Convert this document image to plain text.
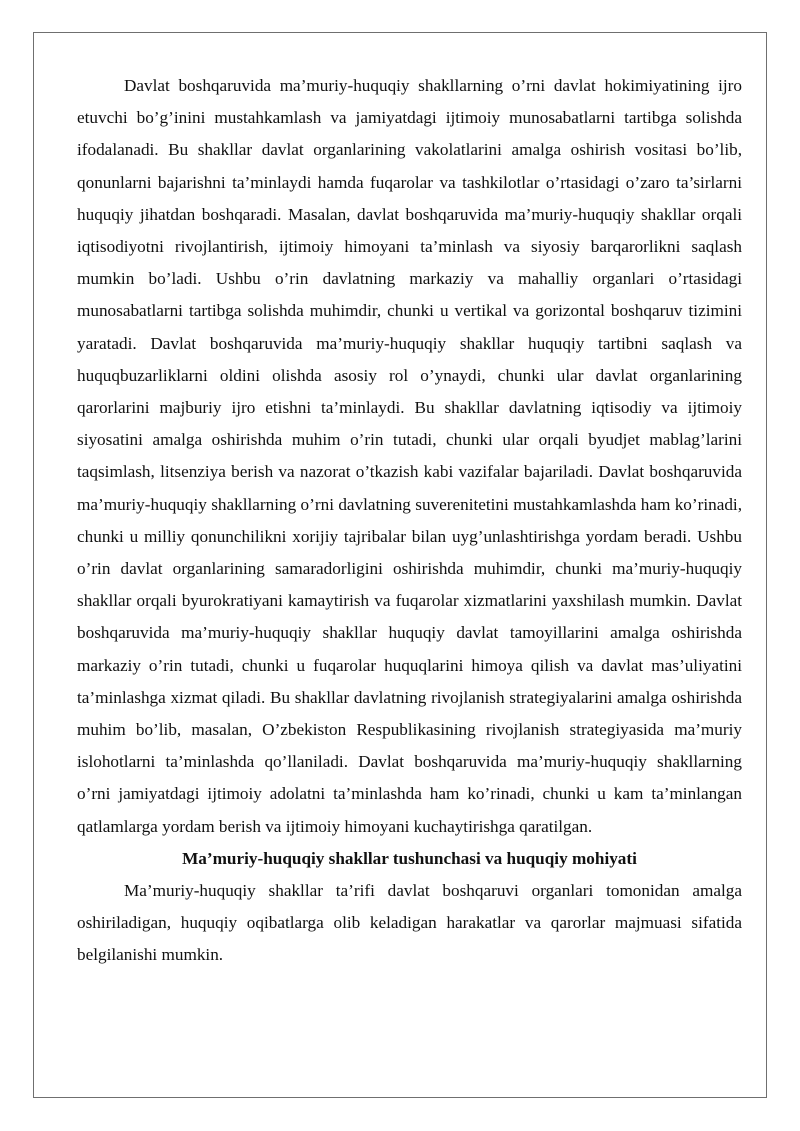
Davlat boshqaruvida ma’muriy-huquqiy shakllarning o’rni davlat hokimiyatining ijro etuvchi bo’g’inini mustahkamlash va jamiyatdagi ijtimoiy munosabatlarni tartibga solishda ifodalanadi. Bu shakllar davlat organlarining vakolatlarini amalga oshirish vositasi bo’lib, qonunlarni bajarishni ta’minlaydi hamda fuqarolar va tashkilotlar o’rtasidagi o’zaro ta’sirlarni huquqiy jihatdan boshqaradi. Masalan, davlat boshqaruvida ma’muriy-huquqiy shakllar orqali iqtisodiyotni rivojlantirish, ijtimoiy himoyani ta’minlash va siyosiy barqarorlikni saqlash mumkin bo’ladi. Ushbu o’rin davlatning markaziy va mahalliy organlari o’rtasidagi munosabatlarni tartibga solishda muhimdir, chunki u vertikal va gorizontal boshqaruv tizimini yaratadi. Davlat boshqaruvida ma’muriy-huquqiy shakllar huquqiy tartibni saqlash va huquqbuzarliklarni oldini olishda asosiy rol o’ynaydi, chunki ular davlat organlarining qarorlarini majburiy ijro etishni ta’minlaydi. Bu shakllar davlatning iqtisodiy va ijtimoiy siyosatini amalga oshirishda muhim o’rin tutadi, chunki ular orqali byudjet mablag’larini taqsimlash, litsenziya berish va nazorat o’tkazish kabi vazifalar bajariladi. Davlat boshqaruvida ma’muriy-huquqiy shakllarning o’rni davlatning suverenitetini mustahkamlashda ham ko’rinadi, chunki u milliy qonunchilikni xorijiy tajribalar bilan uyg’unlashtirishga yordam beradi. Ushbu o’rin davlat organlarining samaradorligini oshirishda muhimdir, chunki ma’muriy-huquqiy shakllar orqali byurokratiyani kamaytirish va fuqarolar xizmatlarini yaxshilash mumkin. Davlat boshqaruvida ma’muriy-huquqiy shakllar huquqiy davlat tamoyillarini amalga oshirishda markaziy o’rin tutadi, chunki u fuqarolar huquqlarini himoya qilish va davlat mas’uliyatini ta’minlashga xizmat qiladi. Bu shakllar davlatning rivojlanish strategiyalarini amalga oshirishda muhim bo’lib, masalan, O’zbekiston Respublikasining rivojlanish strategiyasida ma’muriy islohotlarni ta’minlashda qo’llaniladi. Davlat boshqaruvida ma’muriy-huquqiy shakllarning o’rni jamiyatdagi ijtimoiy adolatni ta’minlashda ham ko’rinadi, chunki u kam ta’minlangan qatlamlarga yordam berish va ijtimoiy himoyani kuchaytirishga qaratilgan.

Ma’muriy-huquqiy shakllar tushunchasi va huquqiy mohiyati

Ma’muriy-huquqiy shakllar ta’rifi davlat boshqaruvi organlari tomonidan amalga oshiriladigan, huquqiy oqibatlarga olib keladigan harakatlar va qarorlar majmuasi sifatida belgilanishi mumkin.
